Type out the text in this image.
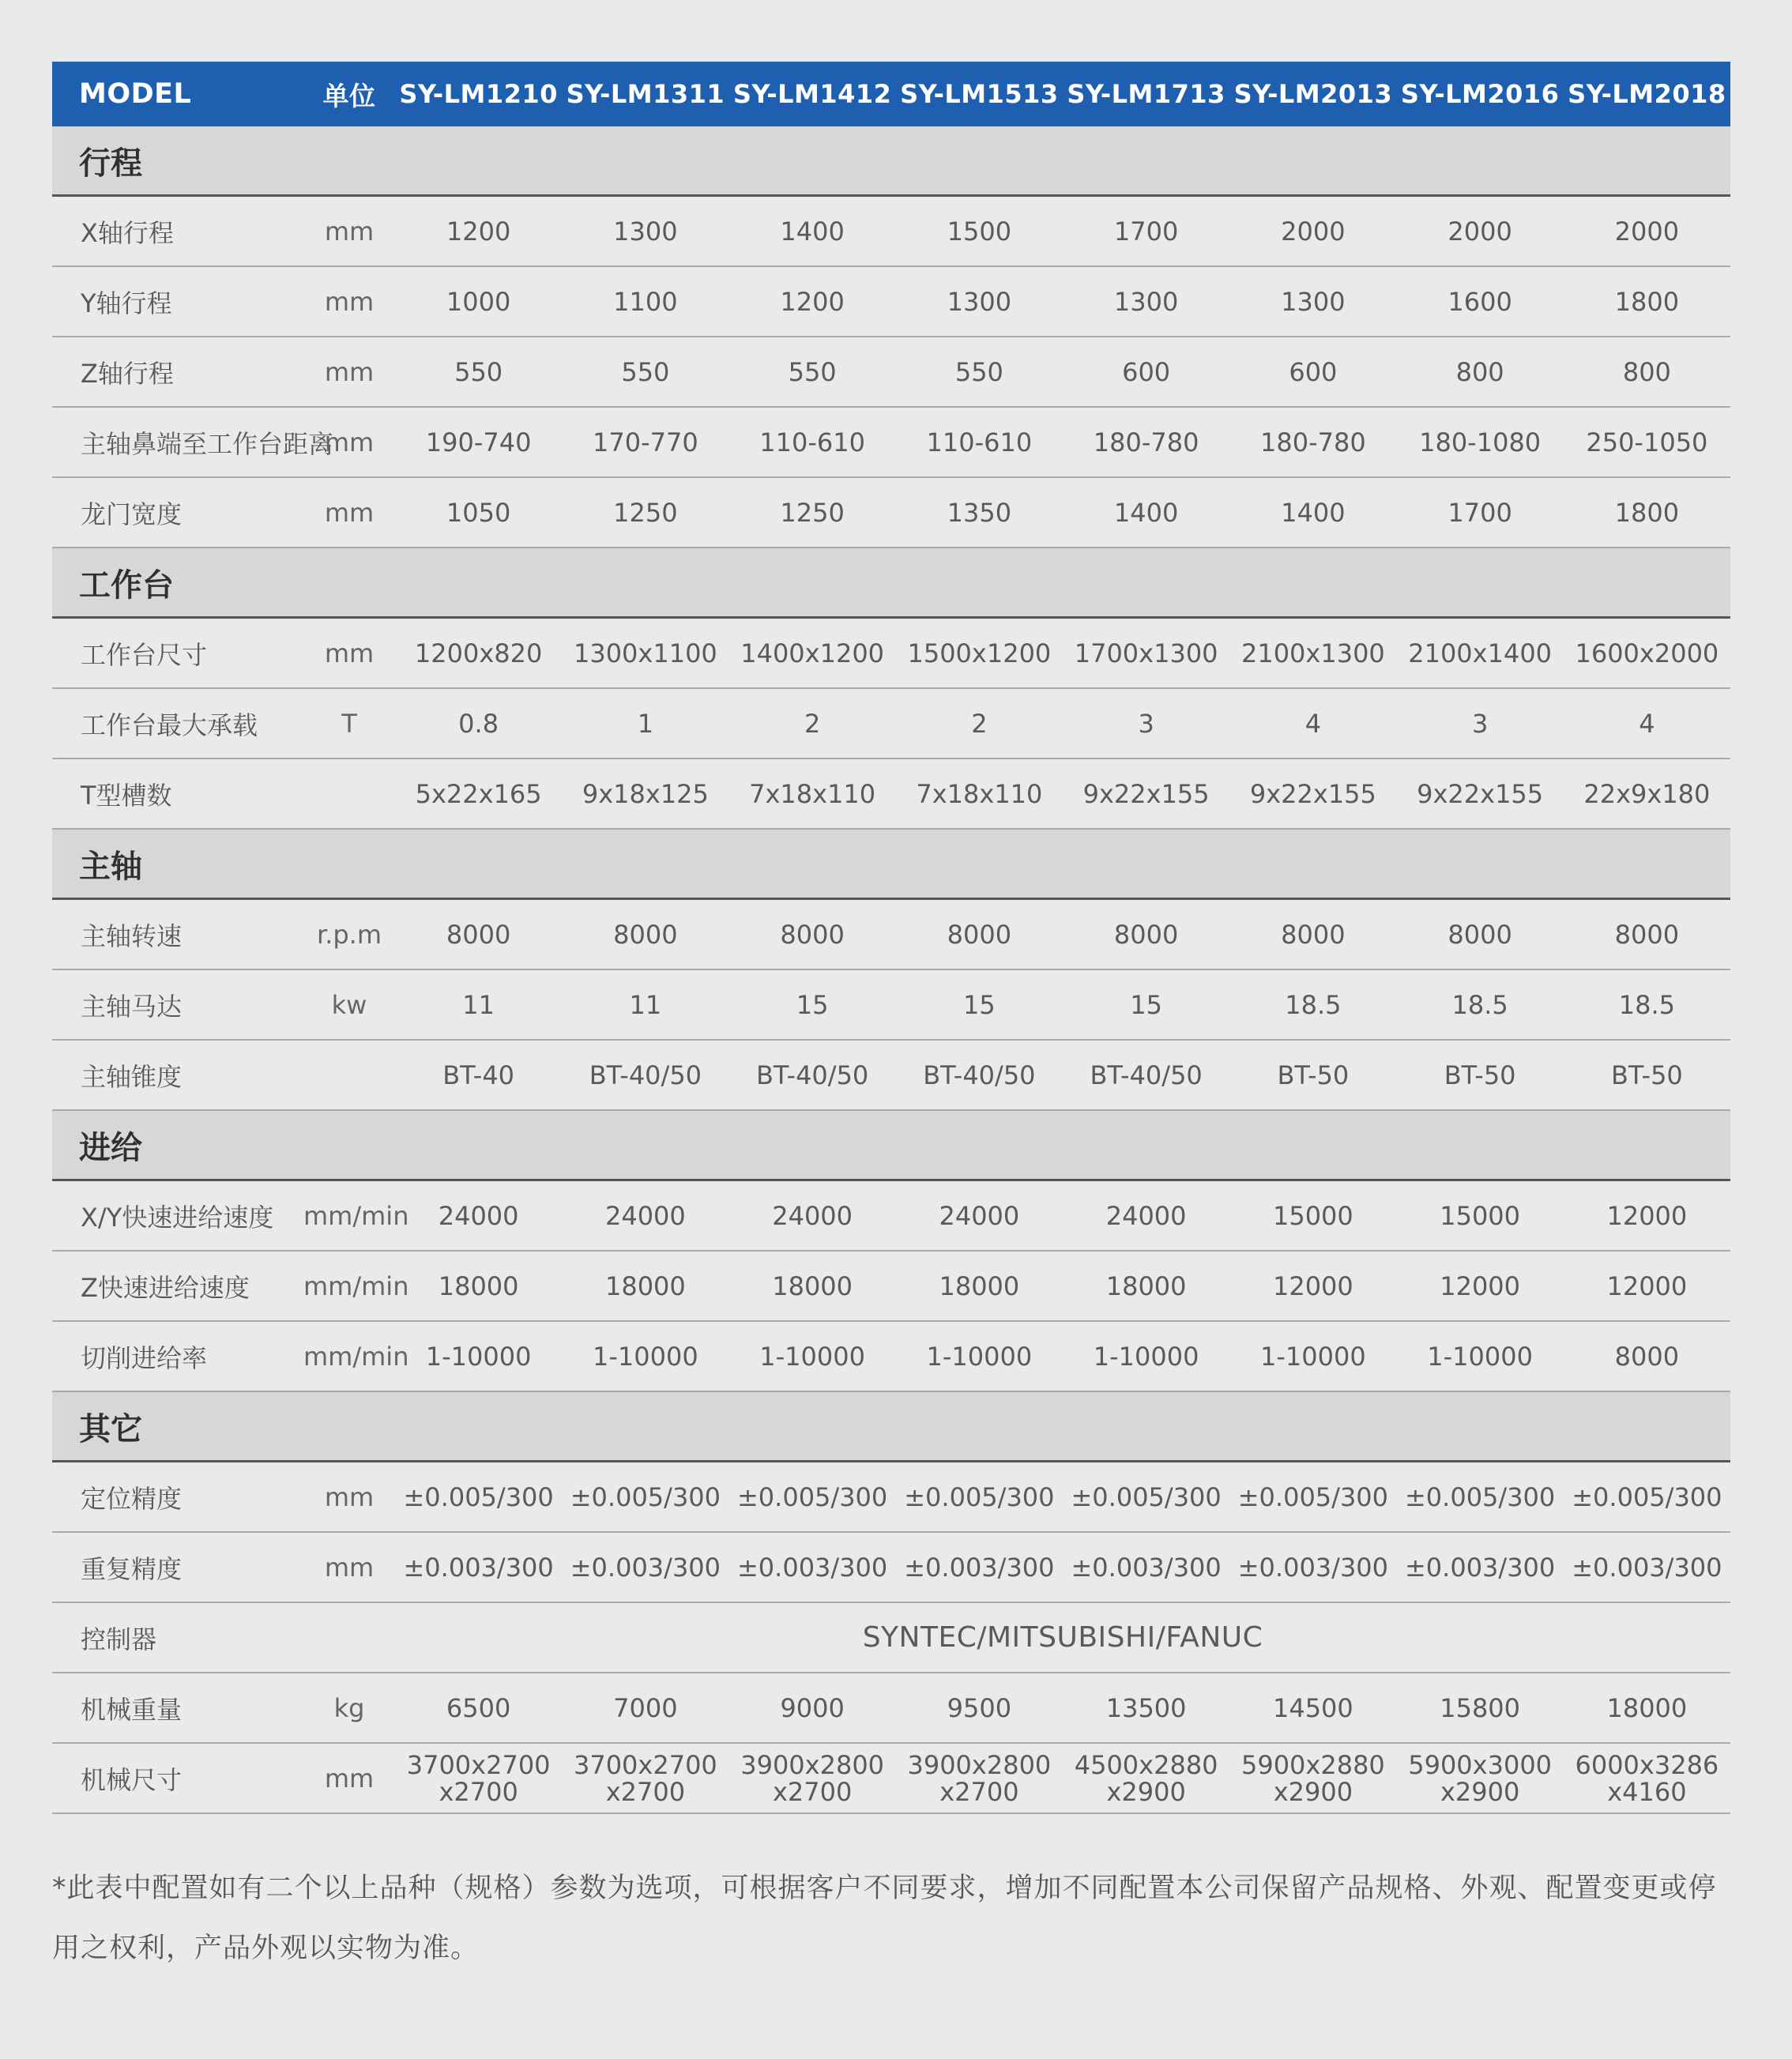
MODEL	单位	SY-LM1210	SY-LM1311	SY-LM1412	SY-LM1513	SY-LM1713	SY-LM2013	SY-LM2016	SY-LM2018
行程									
X轴行程	mm	1200	1300	1400	1500	1700	2000	2000	2000
Y轴行程	mm	1000	1100	1200	1300	1300	1300	1600	1800
Z轴行程	mm	550	550	550	550	600	600	800	800
主轴鼻端至工作台距离	mm	190-740	170-770	110-610	110-610	180-780	180-780	180-1080	250-1050
龙门宽度	mm	1050	1250	1250	1350	1400	1400	1700	1800
工作台									
工作台尺寸	mm	1200x820	1300x1100	1400x1200	1500x1200	1700x1300	2100x1300	2100x1400	1600x2000
工作台最大承载	T	0.8	1	2	2	3	4	3	4
T型槽数		5x22x165	9x18x125	7x18x110	7x18x110	9x22x155	9x22x155	9x22x155	22x9x180
主轴									
主轴转速	r.p.m	8000	8000	8000	8000	8000	8000	8000	8000
主轴马达	kw	11	11	15	15	15	18.5	18.5	18.5
主轴锥度		BT-40	BT-40/50	BT-40/50	BT-40/50	BT-40/50	BT-50	BT-50	BT-50
进给									
X/Y快速进给速度	mm/min	24000	24000	24000	24000	24000	15000	15000	12000
Z快速进给速度	mm/min	18000	18000	18000	18000	18000	12000	12000	12000
切削进给率	mm/min	1-10000	1-10000	1-10000	1-10000	1-10000	1-10000	1-10000	8000
其它									
定位精度	mm	±0.005/300	±0.005/300	±0.005/300	±0.005/300	±0.005/300	±0.005/300	±0.005/300	±0.005/300
重复精度	mm	±0.003/300	±0.003/300	±0.003/300	±0.003/300	±0.003/300	±0.003/300	±0.003/300	±0.003/300
控制器		SYNTEC/MITSUBISHI/FANUC							
机械重量	kg	6500	7000	9000	9500	13500	14500	15800	18000
机械尺寸	mm	3700x2700 x2700	3700x2700 x2700	3900x2800 x2700	3900x2800 x2700	4500x2880 x2900	5900x2880 x2900	5900x3000 x2900	6000x3286 x4160
*此表中配置如有二个以上品种（规格）参数为选项，可根据客户不同要求，增加不同配置本公司保留产品规格、外观、配置变更或停用之权利，产品外观以实物为准。
